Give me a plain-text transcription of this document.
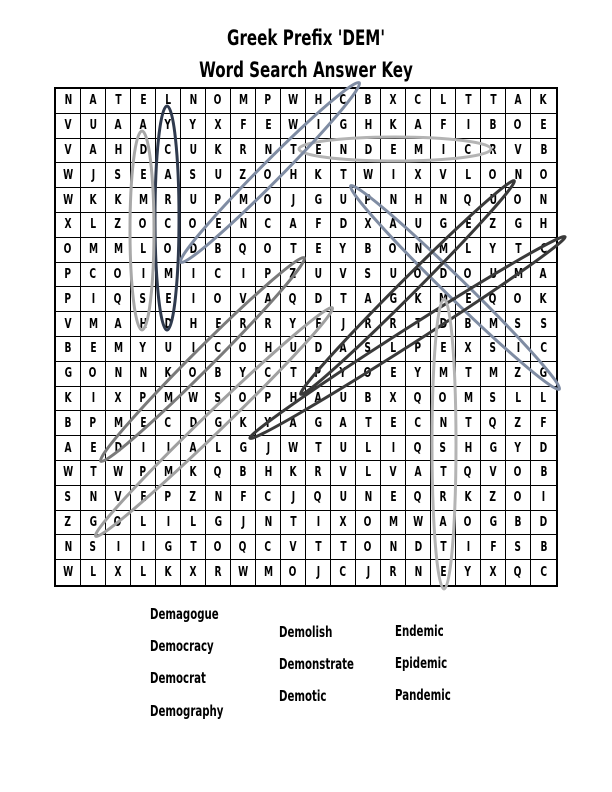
Greek Prefix 'DEM'
Word Search Answer Key
N A T E L N O M P W H C B X C L T T A K
V U A A Y Y X F E W I G H K A F I B O E
V A H D C U K R N T E N D E M I C R V B
W J S E A S U Z O H K T W I X V L O N O
W K K M R U P M O J G U P N H N Q U O N
X L Z O C O E N C A F D X A U G E Z G H
O M M L O D B Q O T E Y B O N M L Y T C
P C O I M I C I P Z U V S U O D O U M A
P I Q S E I O V A Q D T A G K M E Q O K
V M A H D H E R R Y F J R R T D B M S S
B E M Y U I C O H U D A S L P E X S I C
G O N N K O B Y C T P Y O E Y M T M Z G
K I X P M W S O P H A U B X Q O M S L L
B P M E C D G K Y A G A T E C N T Q Z F
A E D I I A L G J W T U L I Q S H G Y D
W T W P M K Q B H K R V L V A T Q V O B
S N V E P Z N F C J Q U N E Q R K Z O I
Z G O L I L G J N T I X O M W A O G B D
N S I I G T O Q C V T T O N D T I F S B
W L X L K X R W M O J C J R N E Y X Q C
Demagogue
Democracy
Democrat
Demography
Demolish
Demonstrate
Demotic
Endemic
Epidemic
Pandemic
